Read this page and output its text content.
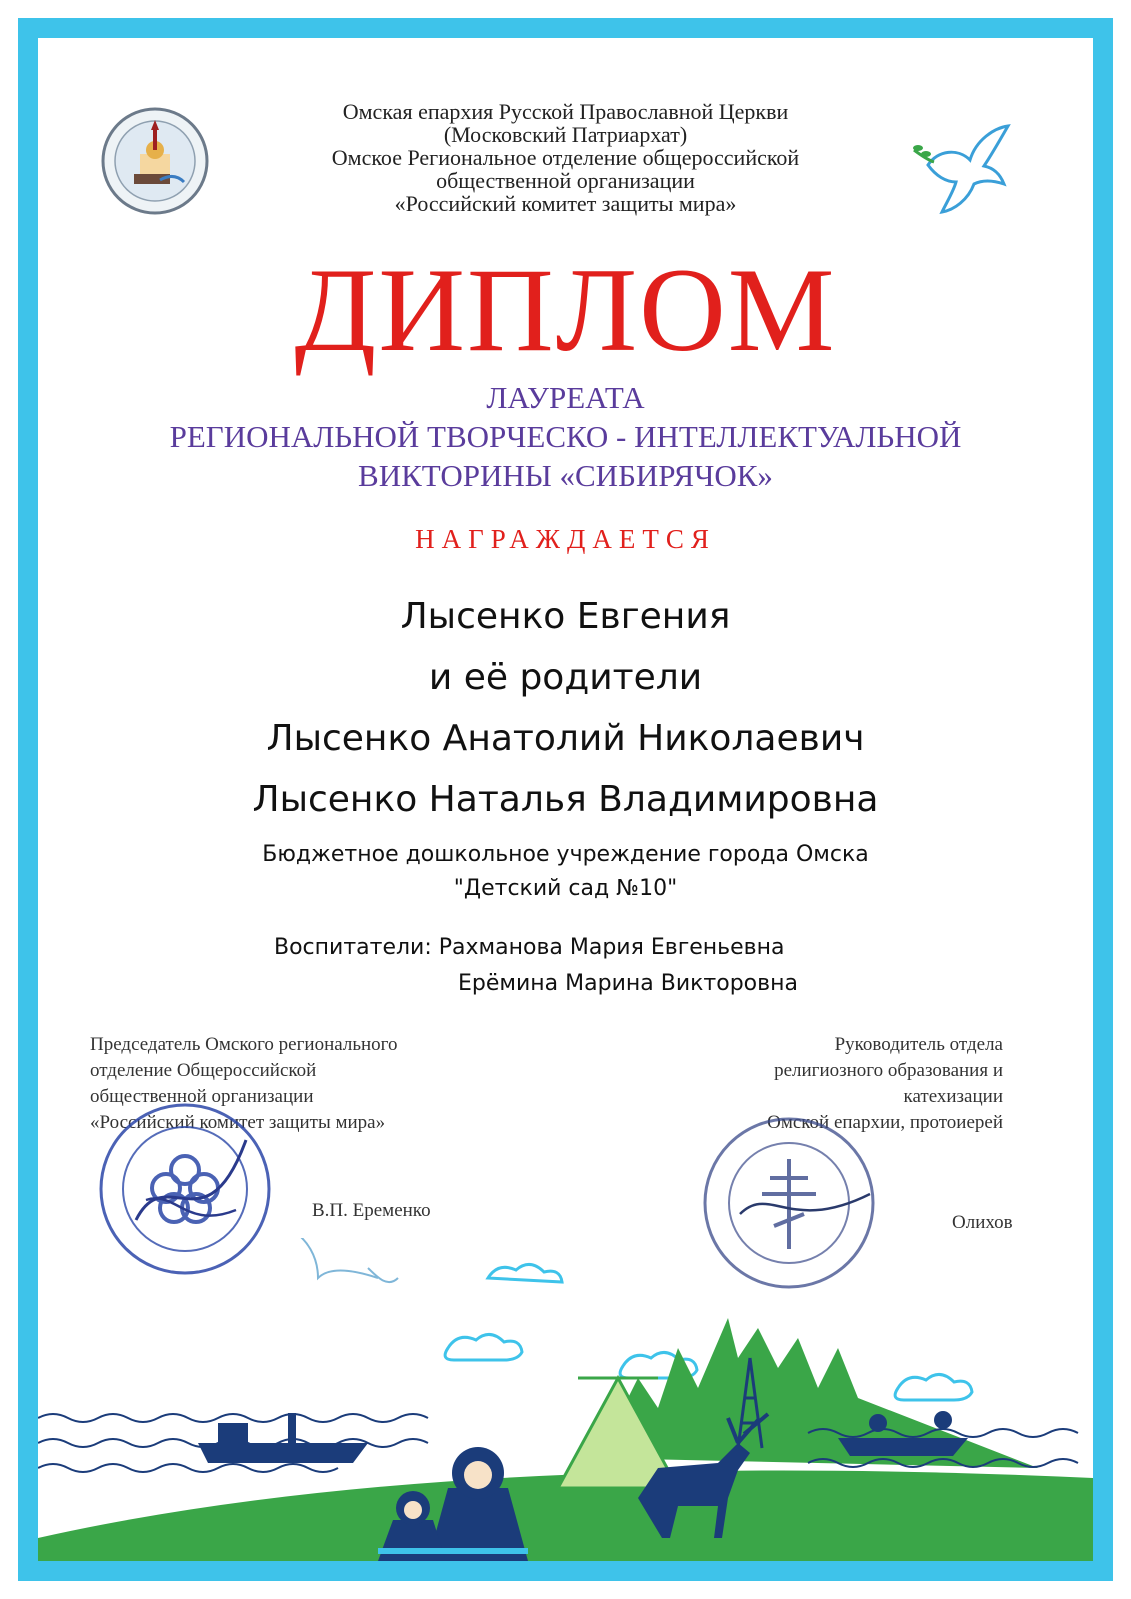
Омская епархия Русской Православной Церкви
(Московский Патриархат)
Омское Региональное отделение общероссийской
общественной организации
«Российский комитет защиты мира»
ДИПЛОМ
ЛАУРЕАТА
РЕГИОНАЛЬНОЙ ТВОРЧЕСКО - ИНТЕЛЛЕКТУАЛЬНОЙ
ВИКТОРИНЫ «СИБИРЯЧОК»
НАГРАЖДАЕТСЯ
Лысенко Евгения
и её родители
Лысенко Анатолий Николаевич
Лысенко Наталья Владимировна
Бюджетное дошкольное учреждение города Омска
"Детский сад №10"
Воспитатели: Рахманова Мария Евгеньевна
Ерёмина Марина Викторовна
Председатель Омского регионального
отделение Общероссийской
общественной организации
«Российский комитет защиты мира»
Руководитель отдела
религиозного образования и
катехизации
Омской епархии, протоиерей
В.П. Еременко
Олихов
